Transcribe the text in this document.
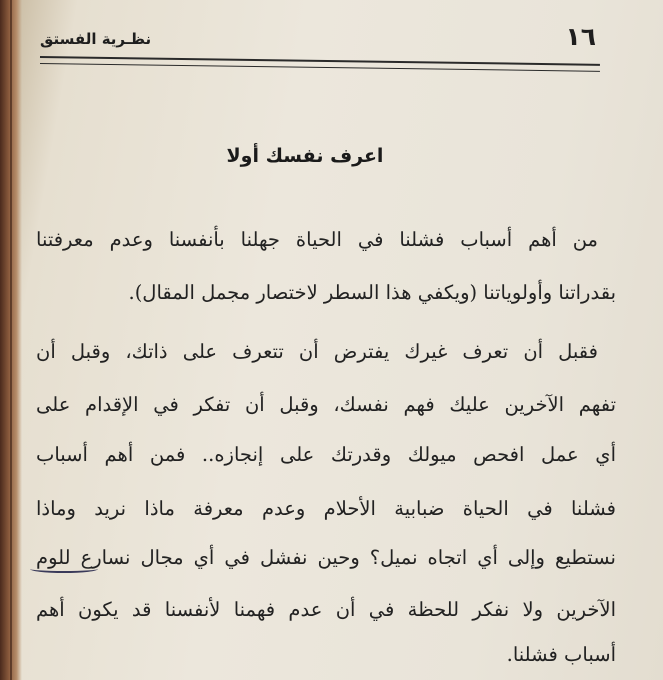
نظـرية الفستق	١٦
اعرف نفسك أولا
من أهم أسباب فشلنا في الحياة جهلنا بأنفسنا وعدم معرفتنا
بقدراتنا وأولوياتنا (ويكفي هذا السطر لاختصار مجمل المقال).
فقبل أن تعرف غيرك يفترض أن تتعرف على ذاتك، وقبل أن
تفهم الآخرين عليك فهم نفسك، وقبل أن تفكر في الإقدام على
أي عمل افحص ميولك وقدرتك على إنجازه.. فمن أهم أسباب
فشلنا في الحياة ضبابية الأحلام وعدم معرفة ماذا نريد وماذا
نستطيع وإلى أي اتجاه نميل؟ وحين نفشل في أي مجال نسارع للوم
الآخرين ولا نفكر للحظة في أن عدم فهمنا لأنفسنا قد يكون أهم
أسباب فشلنا.
